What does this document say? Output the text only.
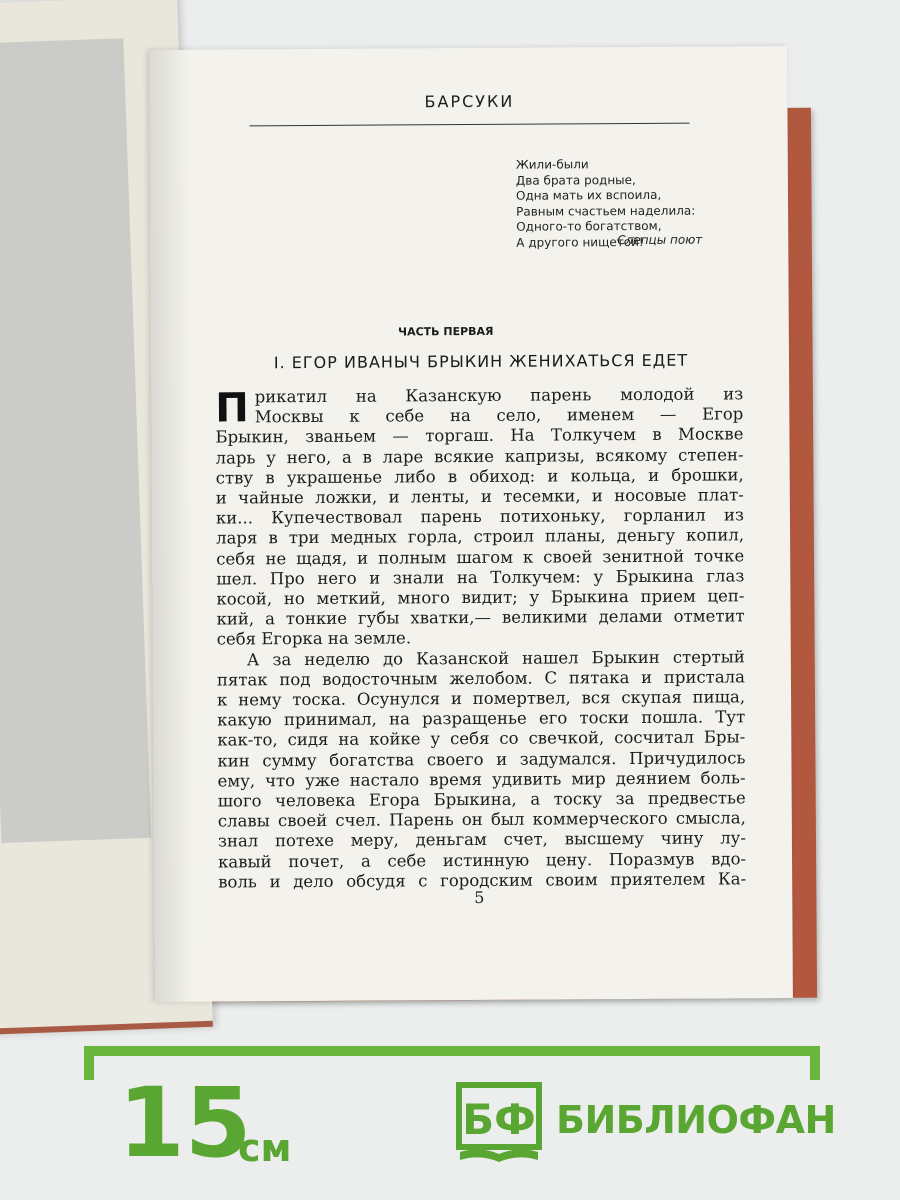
БАРСУКИ
Жили-были
Два брата родные,
Одна мать их вспоила,
Равным счастьем наделила:
Одного-то богатством,
А другого нищетой!
Слепцы поют
ЧАСТЬ ПЕРВАЯ
I. ЕГОР ИВАНЫЧ БРЫКИН ЖЕНИХАТЬСЯ ЕДЕТ

П рикатил на Казанскую парень молодой из
Москвы к себе на село, именем — Егор
Брыкин, званьем — торгаш. На Толкучем в Москве
ларь у него, а в ларе всякие капризы, всякому степен-
ству в украшенье либо в обиход: и кольца, и брошки,
и чайные ложки, и ленты, и тесемки, и носовые плат-
ки... Купечествовал парень потихоньку, горланил из
ларя в три медных горла, строил планы, деньгу копил,
себя не щадя, и полным шагом к своей зенитной точке
шел. Про него и знали на Толкучем: у Брыкина глаз
косой, но меткий, много видит; у Брыкина прием цеп-
кий, а тонкие губы хватки,— великими делами отметит
себя Егорка на земле.

А за неделю до Казанской нашел Брыкин стертый
пятак под водосточным желобом. С пятака и пристала
к нему тоска. Осунулся и помертвел, вся скупая пища,
какую принимал, на разращенье его тоски пошла. Тут
как-то, сидя на койке у себя со свечкой, сосчитал Бры-
кин сумму богатства своего и задумался. Причудилось
ему, что уже настало время удивить мир деянием боль-
шого человека Егора Брыкина, а тоску за предвестье
славы своей счел. Парень он был коммерческого смысла,
знал потехе меру, деньгам счет, высшему чину лу-
кавый почет, а себе истинную цену. Поразмув вдо-
воль и дело обсудя с городским своим приятелем Ка-

5
15
см
БФ БИБЛИОФАН
